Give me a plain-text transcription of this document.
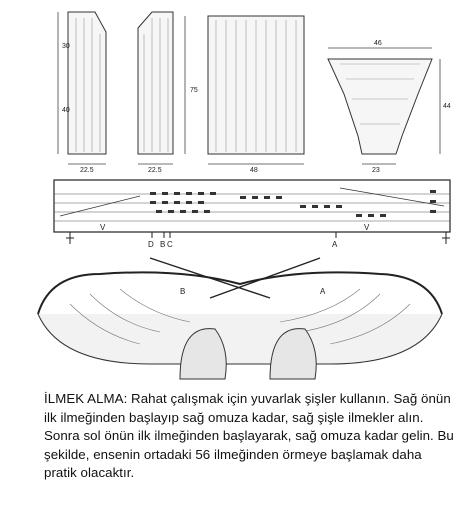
30
40
22.5	22.5
75
48
46
44
23
D B C	A
V	V
B	A

İLMEK ALMA: Rahat çalışmak için yuvarlak şişler kullanın. Sağ önün ilk ilmeğinden başlayıp sağ omuza kadar, sağ şişle ilmekler alın. Sonra sol önün ilk ilmeğinden başlayarak, sağ omuza kadar gelin. Bu şekilde, ensenin ortadaki 56 ilmeğinden örmeye başlamak daha pratik olacaktır.
